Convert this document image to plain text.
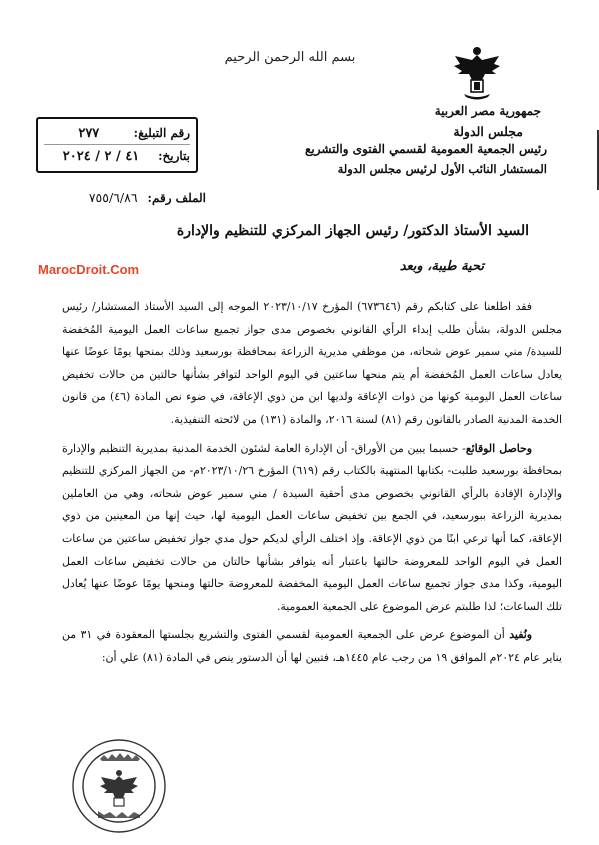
بسم الله الرحمن الرحيم
جمهورية مصر العربية
مجلس الدولة
رئيس الجمعية العمومية لقسمي الفتوى والتشريع
المستشار النائب الأول لرئيس مجلس الدولة
رقم التبليغ:
٢٧٧
بتاريخ:
٤١ / ٢ / ٢٠٢٤
الملف رقم:
٧٥٥/٦/٨٦
السيد الأستاذ الدكتور/ رئيس الجهاز المركزي للتنظيم والإدارة
MarocDroit.Com	تحية طيبة، وبعد

فقد اطلعنا على كتابكم رقم (٦٧٣٦٤٦) المؤرخ ٢٠٢٣/١٠/١٧ الموجه إلى السيد الأستاذ المستشار/ رئيس مجلس الدولة، بشأن طلب إبداء الرأي القانوني بخصوص مدى جواز تجميع ساعات العمل اليومية المُخفضة للسيدة/ مني سمير عوض شحاته، من موظفي مديرية الزراعة بمحافظة بورسعيد وذلك بمنحها يومًا عوضًا عنها يعادل ساعات العمل المُخفضة أم يتم منحها ساعتين في اليوم الواحد لتوافر بشأنها حالتين من حالات تخفيض ساعات العمل اليومية كونها من ذوات الإعاقة ولديها ابن من ذوي الإعاقة، في ضوء نص المادة (٤٦) من قانون الخدمة المدنية الصادر بالقانون رقم (٨١) لسنة ٢٠١٦، والمادة (١٣١) من لائحته التنفيذية.

وحاصل الوقائع- حسبما يبين من الأوراق- أن الإدارة العامة لشئون الخدمة المدنية بمديرية التنظيم والإدارة بمحافظة بورسعيد طلبت- بكتابها المنتهية بالكتاب رقم (٦١٩) المؤرخ ٢٠٢٣/١٠/٢٦م- من الجهاز المركزي للتنظيم والإدارة الإفادة بالرأي القانوني بخصوص مدى أحقية السيدة / مني سمير عوض شحاته، وهي من العاملين بمديرية الزراعة ببورسعيد، في الجمع بين تخفيض ساعات العمل اليومية لها، حيث إنها من المعينين من ذوي الإعاقة، كما أنها ترعي ابنًا من ذوي الإعاقة. وإذ اختلف الرأي لديكم حول مدي جواز تخفيض ساعتين من ساعات العمل في اليوم الواحد للمعروضة حالتها باعتبار أنه يتوافر بشأنها حالتان من حالات تخفيض ساعات العمل اليومية، وكذا مدى جواز تجميع ساعات العمل اليومية المخفضة للمعروضة حالتها ومنحها يومًا عوضًا عنها يُعادل تلك الساعات؛ لذا طلبتم عرض الموضوع على الجمعية العمومية.

ونُفيد أن الموضوع عرض على الجمعية العمومية لقسمي الفتوى والتشريع بجلستها المعقودة في ٣١ من يناير عام ٢٠٢٤م الموافق ١٩ من رجب عام ١٤٤٥هـ، فتبين لها أن الدستور ينص في المادة (٨١) علي أن:
